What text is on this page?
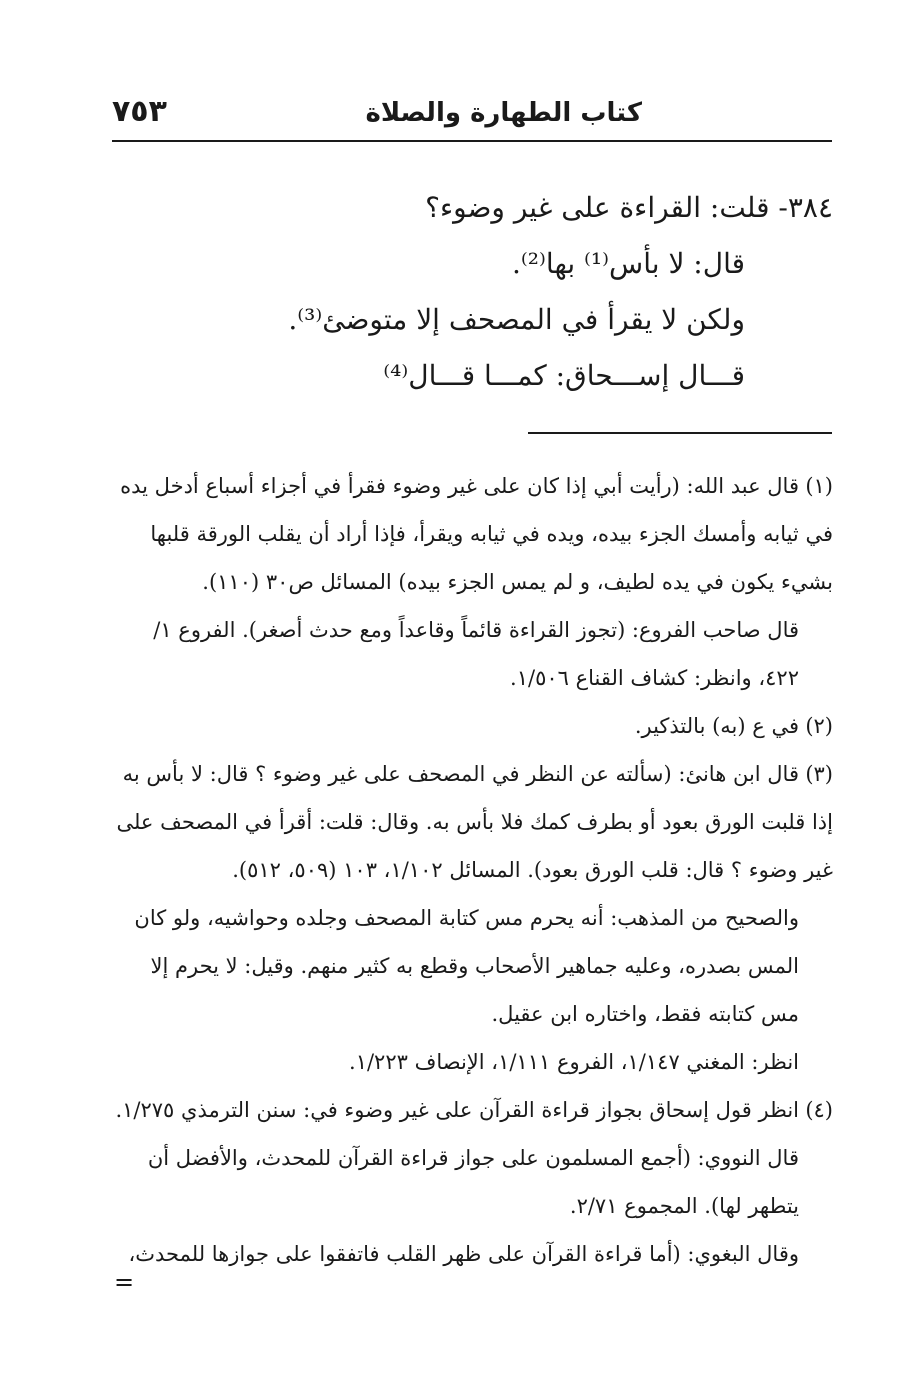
كتاب الطهارة والصلاة
٧٥٣

٣٨٤- قلت: القراءة على غير وضوء؟

قال: لا بأس⁽¹⁾ بها⁽²⁾.

ولكن لا يقرأ في المصحف إلا متوضئ⁽³⁾.

قـــال إســـحاق: كمـــا قـــال⁽⁴⁾

(١)قال عبد الله: (رأيت أبي إذا كان على غير وضوء فقرأ في أجزاء أسباع أدخل يده في ثيابه وأمسك الجزء بيده، ويده في ثيابه ويقرأ، فإذا أراد أن يقلب الورقة قلبها بشيء يكون في يده لطيف، و لم يمس الجزء بيده) المسائل ص٣٠ (١١٠).

قال صاحب الفروع: (تجوز القراءة قائماً وقاعداً ومع حدث أصغر). الفروع ١/ ٤٢٢، وانظر: كشاف القناع ١/٥٠٦.

(٢)في ع (به) بالتذكير.

(٣)قال ابن هانئ: (سألته عن النظر في المصحف على غير وضوء ؟ قال: لا بأس به إذا قلبت الورق بعود أو بطرف كمك فلا بأس به. وقال: قلت: أقرأ في المصحف على غير وضوء ؟ قال: قلب الورق بعود). المسائل ١/١٠٢، ١٠٣ (٥٠٩، ٥١٢).

والصحيح من المذهب: أنه يحرم مس كتابة المصحف وجلده وحواشيه، ولو كان المس بصدره، وعليه جماهير الأصحاب وقطع به كثير منهم. وقيل: لا يحرم إلا مس كتابته فقط، واختاره ابن عقيل.

انظر: المغني ١/١٤٧، الفروع ١/١١١، الإنصاف ١/٢٢٣.

(٤)انظر قول إسحاق بجواز قراءة القرآن على غير وضوء في: سنن الترمذي ١/٢٧٥.

قال النووي: (أجمع المسلمون على جواز قراءة القرآن للمحدث، والأفضل أن يتطهر لها). المجموع ٢/٧١.

وقال البغوي: (أما قراءة القرآن على ظهر القلب فاتفقوا على جوازها للمحدث،

=
